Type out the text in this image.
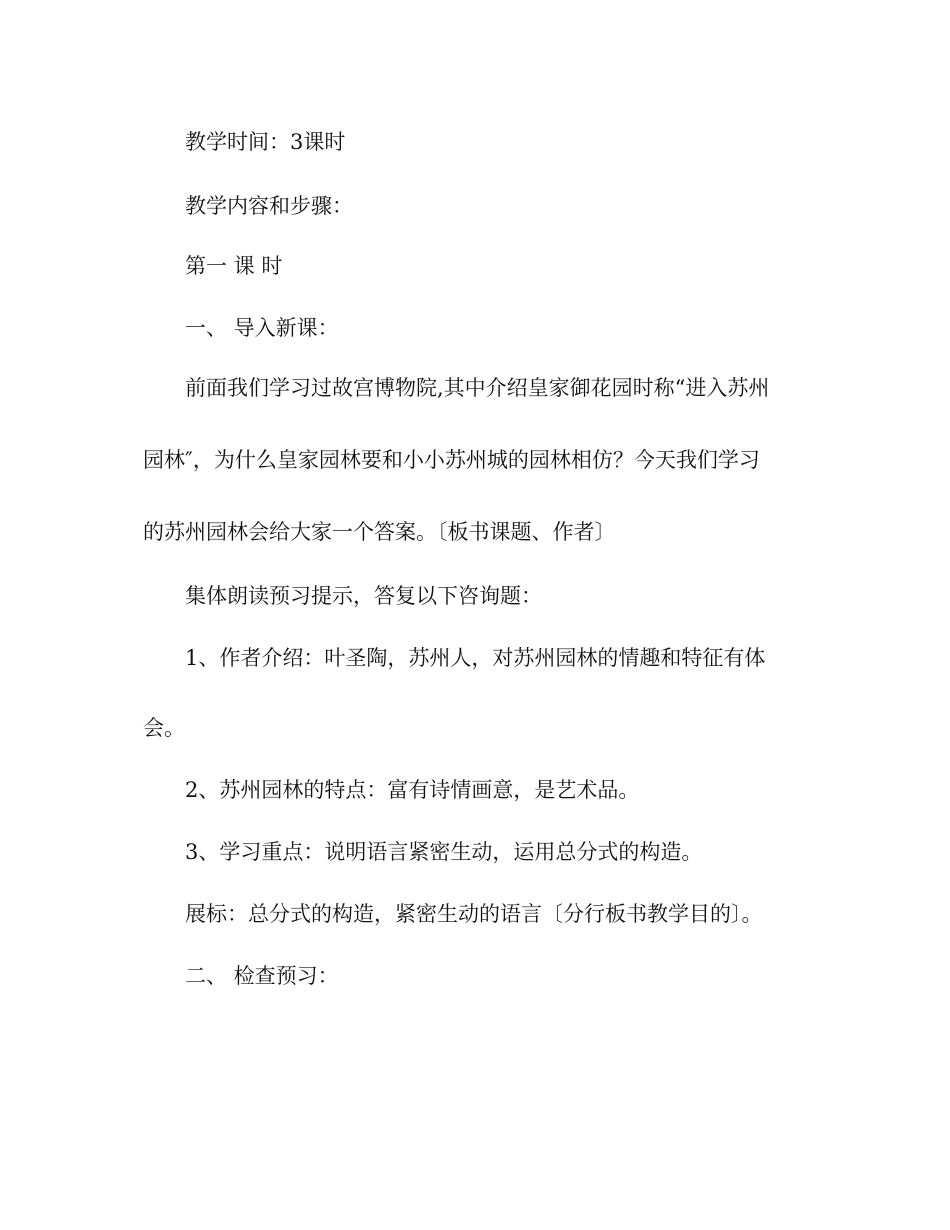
教学时间：3课时
教学内容和步骤：
第一 课 时
一、 导入新课：
前面我们学习过故宫博物院,其中介绍皇家御花园时称“进入苏州
园林″，为什么皇家园林要和小小苏州城的园林相仿？今天我们学习
的苏州园林会给大家一个答案。〔板书课题、作者〕
集体朗读预习提示，答复以下咨询题：
1、作者介绍：叶圣陶，苏州人，对苏州园林的情趣和特征有体
会。
2、苏州园林的特点：富有诗情画意，是艺术品。
3、学习重点：说明语言紧密生动，运用总分式的构造。
展标：总分式的构造，紧密生动的语言〔分行板书教学目的〕。
二、 检查预习：
